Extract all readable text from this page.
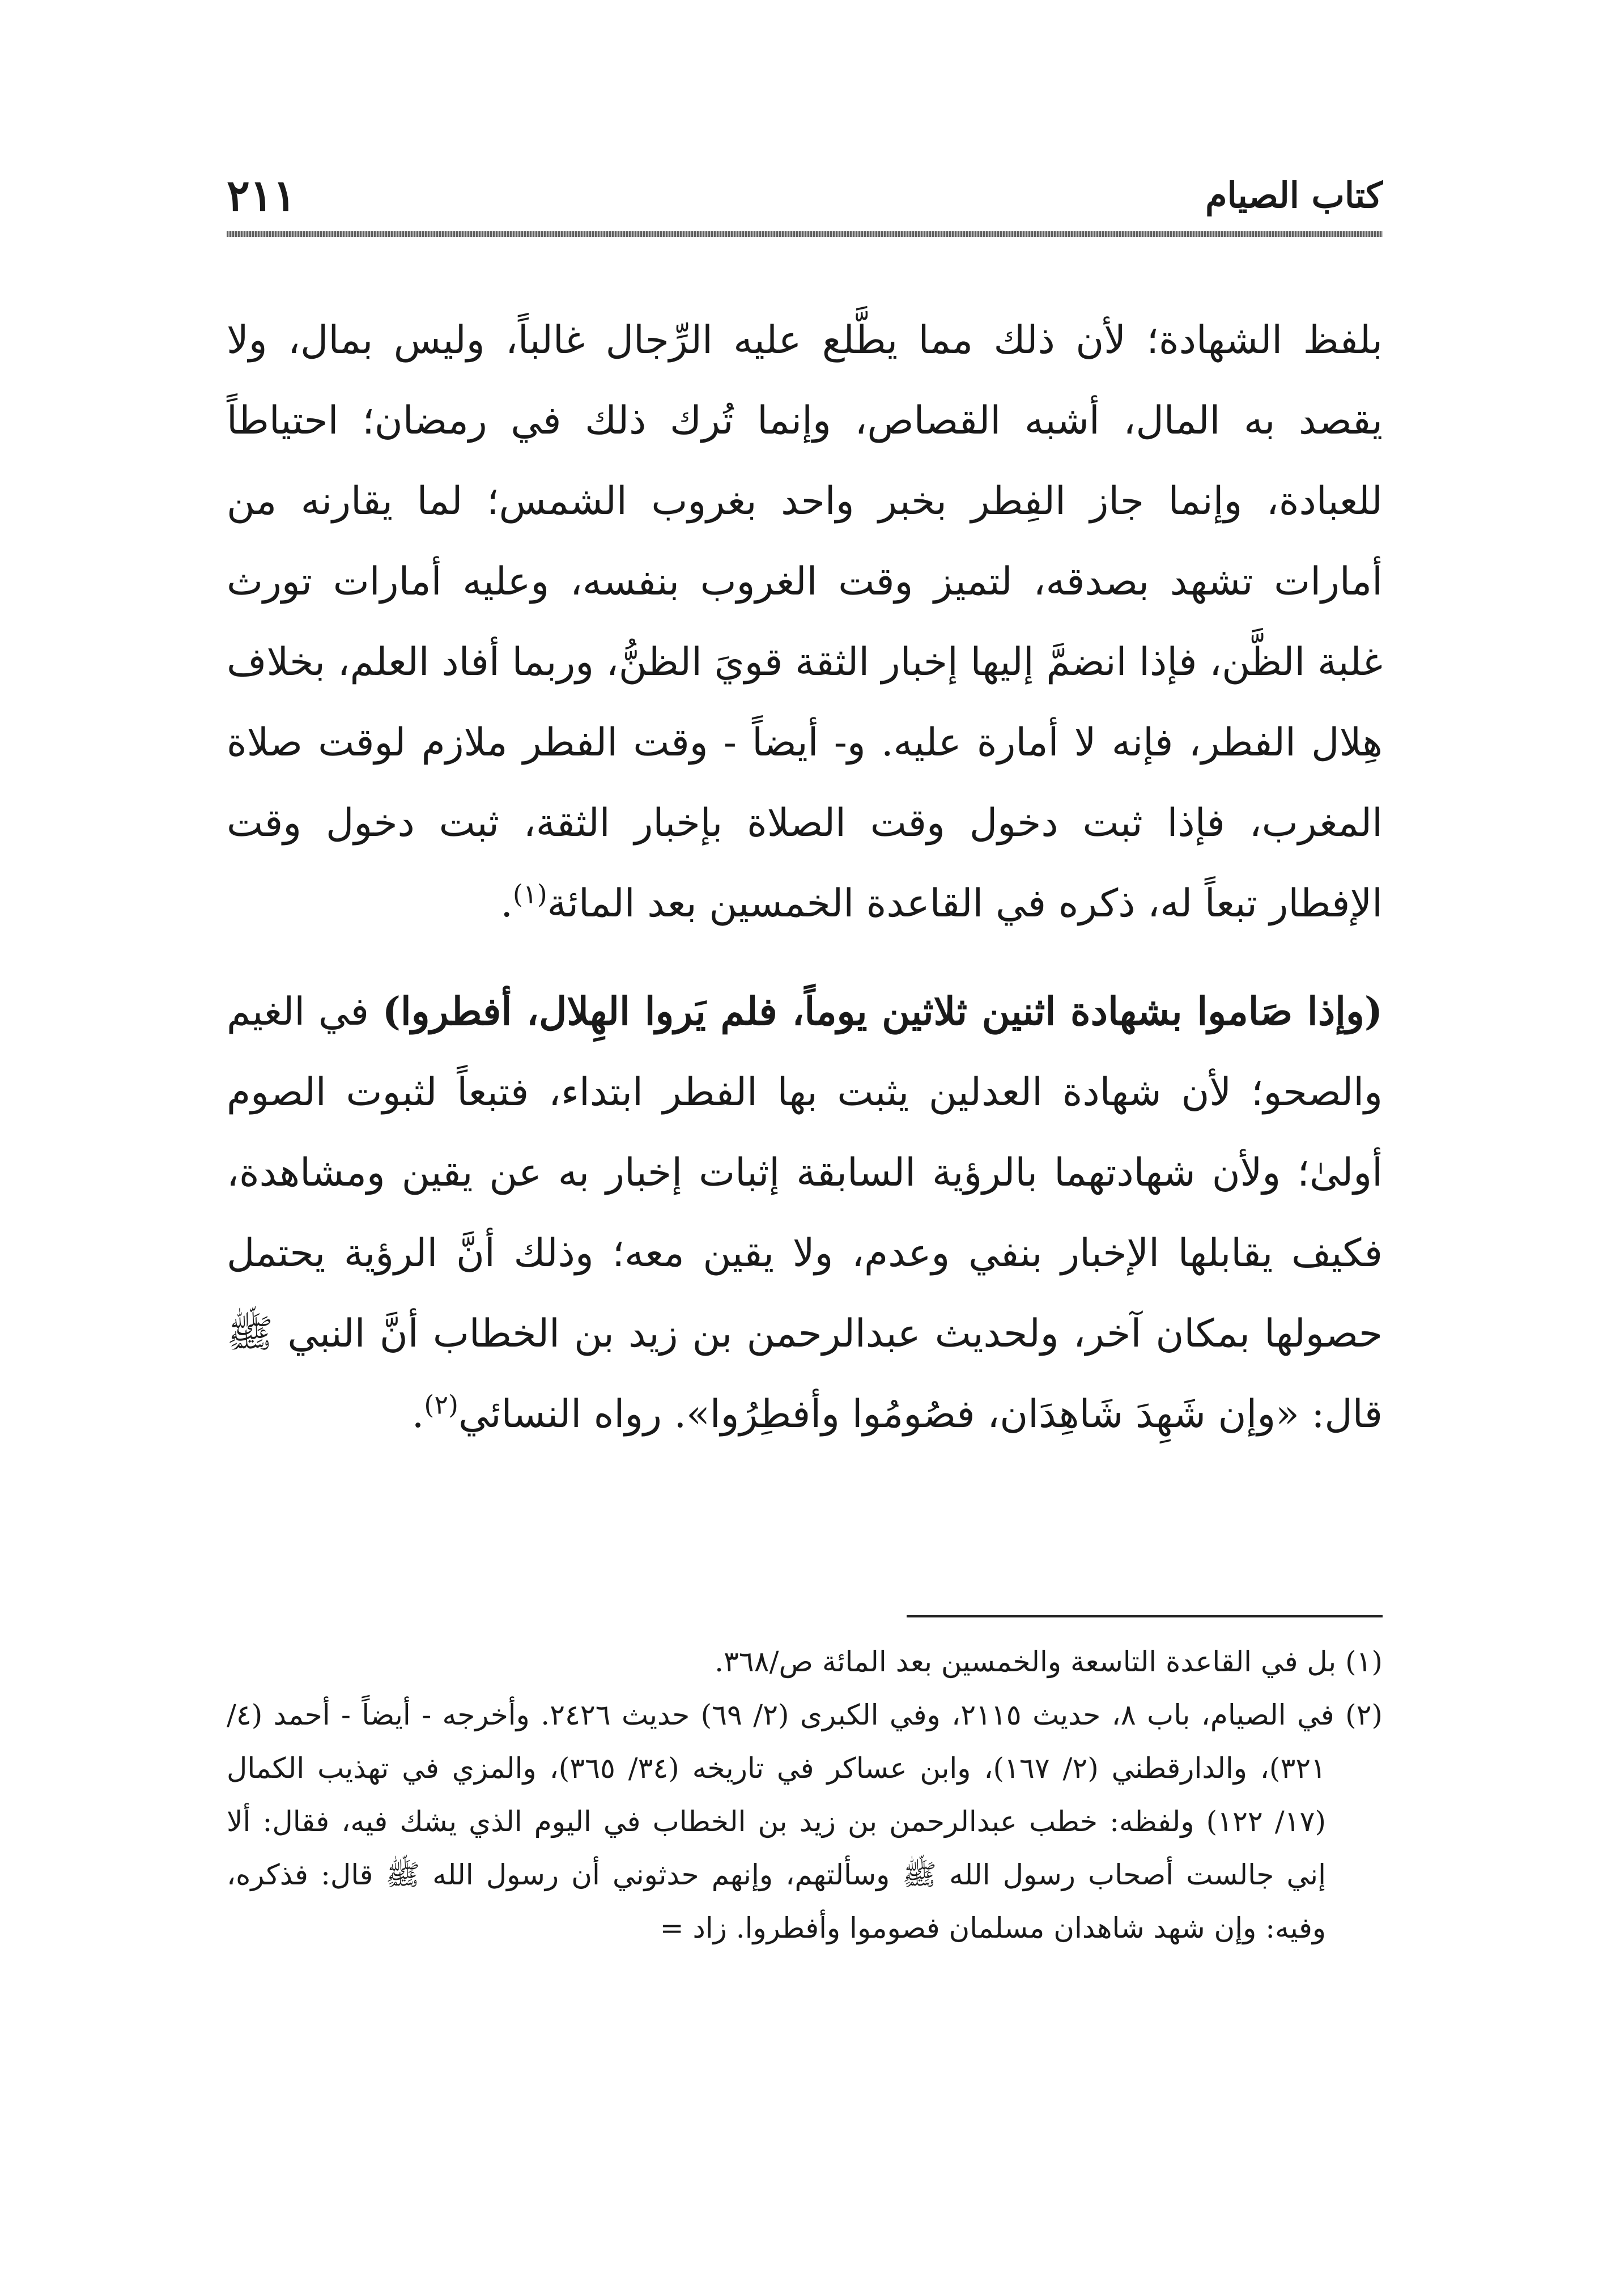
كتاب الصيام
٢١١

بلفظ الشهادة؛ لأن ذلك مما يطَّلع عليه الرِّجال غالباً، وليس بمال، ولا يقصد به المال، أشبه القصاص، وإنما تُرك ذلك في رمضان؛ احتياطاً للعبادة، وإنما جاز الفِطر بخبر واحد بغروب الشمس؛ لما يقارنه من أمارات تشهد بصدقه، لتميز وقت الغروب بنفسه، وعليه أمارات تورث غلبة الظَّن، فإذا انضمَّ إليها إخبار الثقة قويَ الظنُّ، وربما أفاد العلم، بخلاف هِلال الفطر، فإنه لا أمارة عليه. و- أيضاً - وقت الفطر ملازم لوقت صلاة المغرب، فإذا ثبت دخول وقت الصلاة بإخبار الثقة، ثبت دخول وقت الإفطار تبعاً له، ذكره في القاعدة الخمسين بعد المائة$^{(١)}$.

(وإذا صَاموا بشهادة اثنين ثلاثين يوماً، فلم يَروا الهِلال، أفطروا) في الغيم والصحو؛ لأن شهادة العدلين يثبت بها الفطر ابتداء، فتبعاً لثبوت الصوم أولىٰ؛ ولأن شهادتهما بالرؤية السابقة إثبات إخبار به عن يقين ومشاهدة، فكيف يقابلها الإخبار بنفي وعدم، ولا يقين معه؛ وذلك أنَّ الرؤية يحتمل حصولها بمكان آخر، ولحديث عبدالرحمن بن زيد بن الخطاب أنَّ النبي ﷺ قال: «وإن شَهِدَ شَاهِدَان، فصُومُوا وأفطِرُوا». رواه النسائي$^{(٢)}$.

(١) بل في القاعدة التاسعة والخمسين بعد المائة ص/٣٦٨.

(٢) في الصيام، باب ٨، حديث ٢١١٥، وفي الكبرى (٢/ ٦٩) حديث ٢٤٢٦. وأخرجه - أيضاً - أحمد (٤/ ٣٢١)، والدارقطني (٢/ ١٦٧)، وابن عساكر في تاريخه (٣٤/ ٣٦٥)، والمزي في تهذيب الكمال (١٧/ ١٢٢) ولفظه: خطب عبدالرحمن بن زيد بن الخطاب في اليوم الذي يشك فيه، فقال: ألا إني جالست أصحاب رسول الله ﷺ وسألتهم، وإنهم حدثوني أن رسول الله ﷺ قال: فذكره، وفيه: وإن شهد شاهدان مسلمان فصوموا وأفطروا. زاد =
